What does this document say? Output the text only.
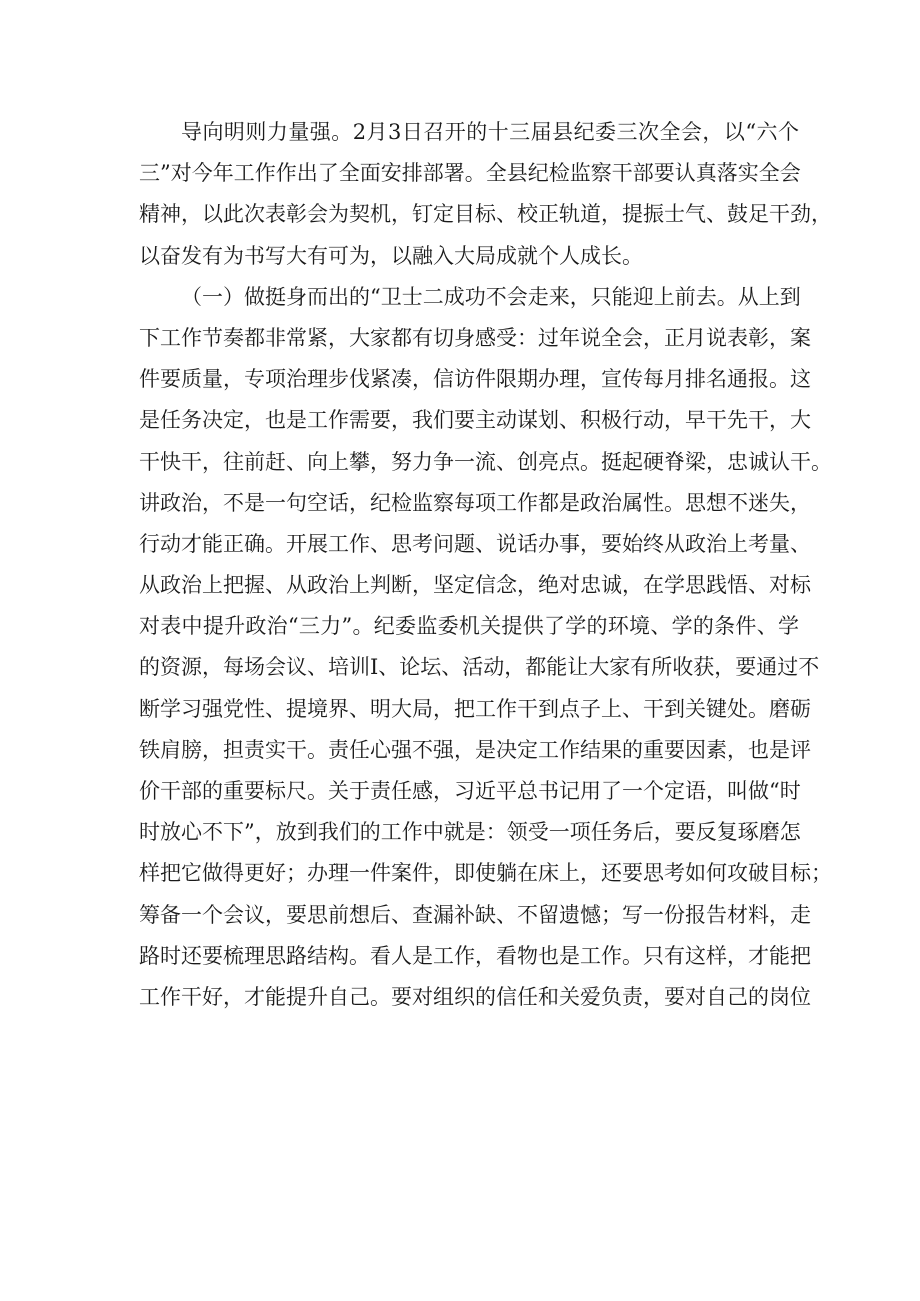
导向明则力量强。2月3日召开的十三届县纪委三次全会，以“六个
三”对今年工作作出了全面安排部署。全县纪检监察干部要认真落实全会
精神，以此次表彰会为契机，钉定目标、校正轨道，提振士气、鼓足干劲，
以奋发有为书写大有可为，以融入大局成就个人成长。
（一）做挺身而出的“卫士二成功不会走来，只能迎上前去。从上到
下工作节奏都非常紧，大家都有切身感受：过年说全会，正月说表彰，案
件要质量，专项治理步伐紧凑，信访件限期办理，宣传每月排名通报。这
是任务决定，也是工作需要，我们要主动谋划、积极行动，早干先干，大
干快干，往前赶、向上攀，努力争一流、创亮点。挺起硬脊梁，忠诚认干。
讲政治，不是一句空话，纪检监察每项工作都是政治属性。思想不迷失，
行动才能正确。开展工作、思考问题、说话办事，要始终从政治上考量、
从政治上把握、从政治上判断，坚定信念，绝对忠诚，在学思践悟、对标
对表中提升政治“三力”。纪委监委机关提供了学的环境、学的条件、学
的资源，每场会议、培训I、论坛、活动，都能让大家有所收获，要通过不
断学习强党性、提境界、明大局，把工作干到点子上、干到关键处。磨砺
铁肩膀，担责实干。责任心强不强，是决定工作结果的重要因素，也是评
价干部的重要标尺。关于责任感，习近平总书记用了一个定语，叫做“时
时放心不下”，放到我们的工作中就是：领受一项任务后，要反复琢磨怎
样把它做得更好；办理一件案件，即使躺在床上，还要思考如何攻破目标；
筹备一个会议，要思前想后、查漏补缺、不留遗憾；写一份报告材料，走
路时还要梳理思路结构。看人是工作，看物也是工作。只有这样，才能把
工作干好，才能提升自己。要对组织的信任和关爱负责，要对自己的岗位
